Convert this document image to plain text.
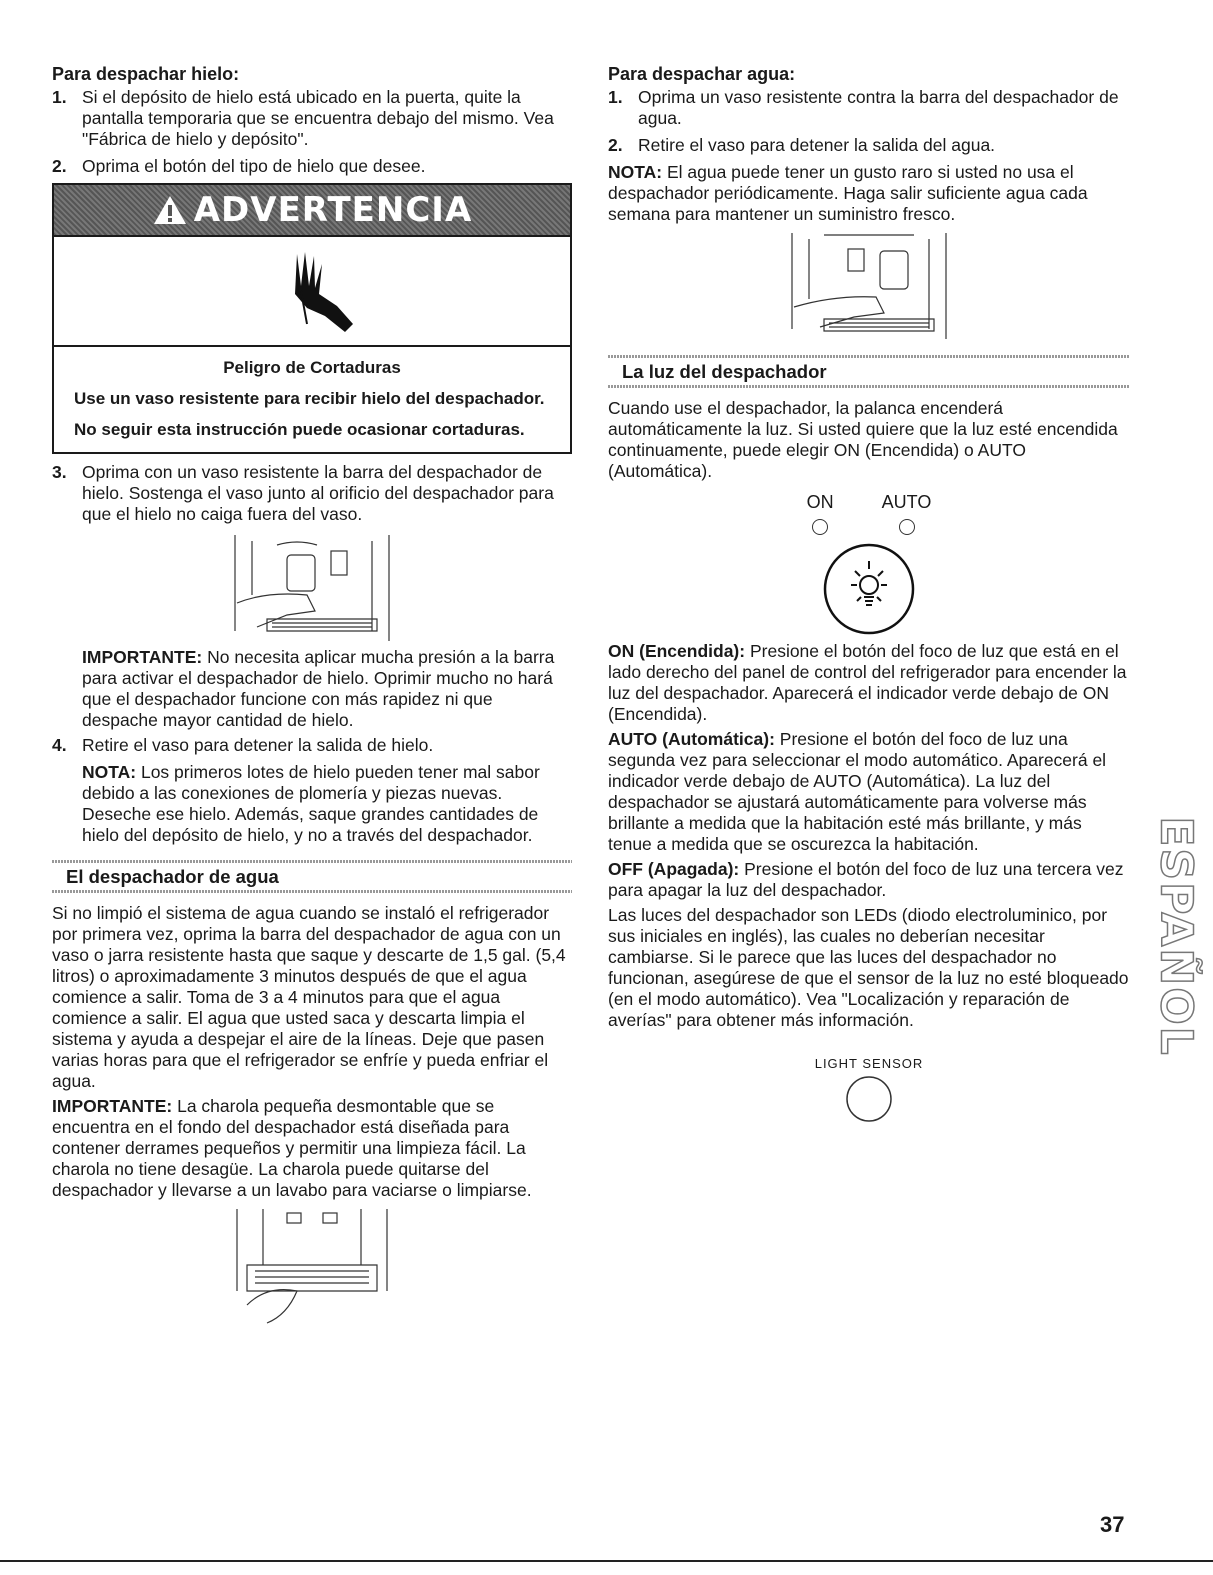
Para despachar hielo:
1. Si el depósito de hielo está ubicado en la puerta, quite la pantalla temporaria que se encuentra debajo del mismo. Vea "Fábrica de hielo y depósito".
2. Oprima el botón del tipo de hielo que desee.
ADVERTENCIA
Peligro de Cortaduras
Use un vaso resistente para recibir hielo del despachador.
No seguir esta instrucción puede ocasionar cortaduras.
3. Oprima con un vaso resistente la barra del despachador de hielo. Sostenga el vaso junto al orificio del despachador para que el hielo no caiga fuera del vaso.
IMPORTANTE: No necesita aplicar mucha presión a la barra para activar el despachador de hielo. Oprimir mucho no hará que el despachador funcione con más rapidez ni que despache mayor cantidad de hielo.
4. Retire el vaso para detener la salida de hielo.
NOTA: Los primeros lotes de hielo pueden tener mal sabor debido a las conexiones de plomería y piezas nuevas. Deseche ese hielo. Además, saque grandes cantidades de hielo del depósito de hielo, y no a través del despachador.
El despachador de agua
Si no limpió el sistema de agua cuando se instaló el refrigerador por primera vez, oprima la barra del despachador de agua con un vaso o jarra resistente hasta que saque y descarte de 1,5 gal. (5,4 litros) o aproximadamente 3 minutos después de que el agua comience a salir. Toma de 3 a 4 minutos para que el agua comience a salir. El agua que usted saca y descarta limpia el sistema y ayuda a despejar el aire de la líneas. Deje que pasen varias horas para que el refrigerador se enfríe y pueda enfriar el agua.
IMPORTANTE: La charola pequeña desmontable que se encuentra en el fondo del despachador está diseñada para contener derrames pequeños y permitir una limpieza fácil. La charola no tiene desagüe. La charola puede quitarse del despachador y llevarse a un lavabo para vaciarse o limpiarse.
Para despachar agua:
1. Oprima un vaso resistente contra la barra del despachador de agua.
2. Retire el vaso para detener la salida del agua.
NOTA: El agua puede tener un gusto raro si usted no usa el despachador periódicamente. Haga salir suficiente agua cada semana para mantener un suministro fresco.
La luz del despachador
Cuando use el despachador, la palanca encenderá automáticamente la luz. Si usted quiere que la luz esté encendida continuamente, puede elegir ON (Encendida) o AUTO (Automática).
ON	AUTO
ON (Encendida): Presione el botón del foco de luz que está en el lado derecho del panel de control del refrigerador para encender la luz del despachador. Aparecerá el indicador verde debajo de ON (Encendida).
AUTO (Automática): Presione el botón del foco de luz una segunda vez para seleccionar el modo automático. Aparecerá el indicador verde debajo de AUTO (Automática). La luz del despachador se ajustará automáticamente para volverse más brillante a medida que la habitación esté más brillante, y más tenue a medida que se oscurezca la habitación.
OFF (Apagada): Presione el botón del foco de luz una tercera vez para apagar la luz del despachador.
Las luces del despachador son LEDs (diodo electroluminico, por sus iniciales en inglés), las cuales no deberían necesitar cambiarse. Si le parece que las luces del despachador no funcionan, asegúrese de que el sensor de la luz no esté bloqueado (en el modo automático). Vea "Localización y reparación de averías" para obtener más información.
LIGHT SENSOR
ESPAÑOL
37
